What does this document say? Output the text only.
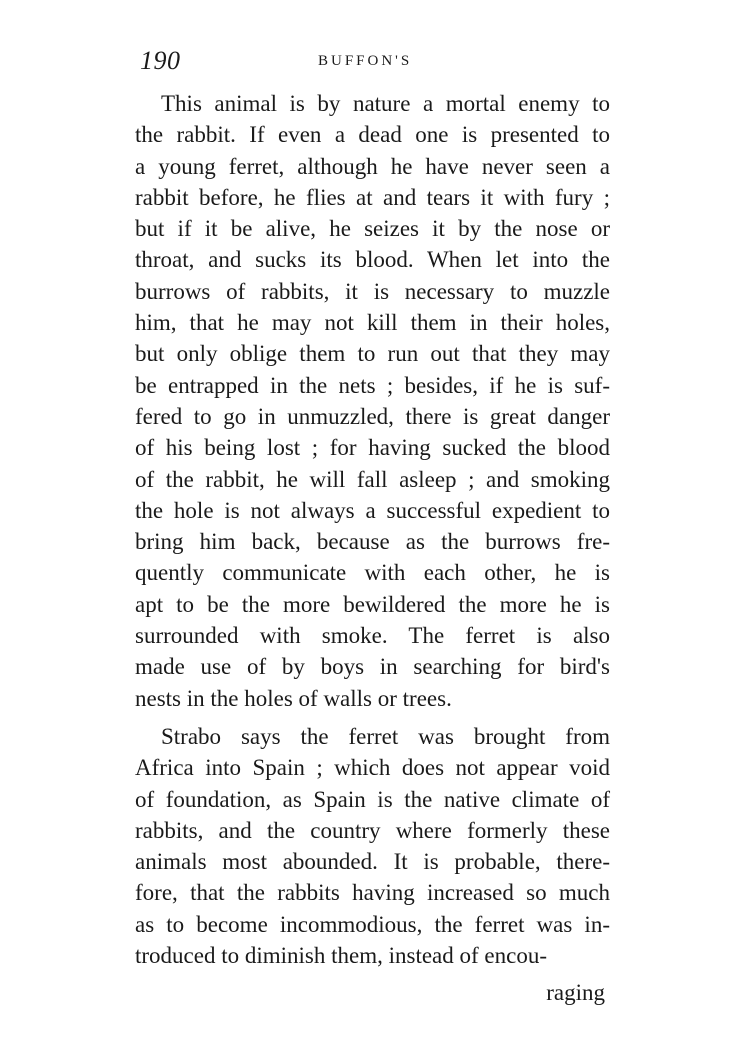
190	BUFFON'S
This animal is by nature a mortal enemy to
the rabbit. If even a dead one is presented to
a young ferret, although he have never seen a
rabbit before, he flies at and tears it with fury ;
but if it be alive, he seizes it by the nose or
throat, and sucks its blood. When let into the
burrows of rabbits, it is necessary to muzzle
him, that he may not kill them in their holes,
but only oblige them to run out that they may
be entrapped in the nets ; besides, if he is suf-
fered to go in unmuzzled, there is great danger
of his being lost ; for having sucked the blood
of the rabbit, he will fall asleep ; and smoking
the hole is not always a successful expedient to
bring him back, because as the burrows fre-
quently communicate with each other, he is
apt to be the more bewildered the more he is
surrounded with smoke. The ferret is also
made use of by boys in searching for bird's
nests in the holes of walls or trees.
Strabo says the ferret was brought from
Africa into Spain ; which does not appear void
of foundation, as Spain is the native climate of
rabbits, and the country where formerly these
animals most abounded. It is probable, there-
fore, that the rabbits having increased so much
as to become incommodious, the ferret was in-
troduced to diminish them, instead of encou-
raging
